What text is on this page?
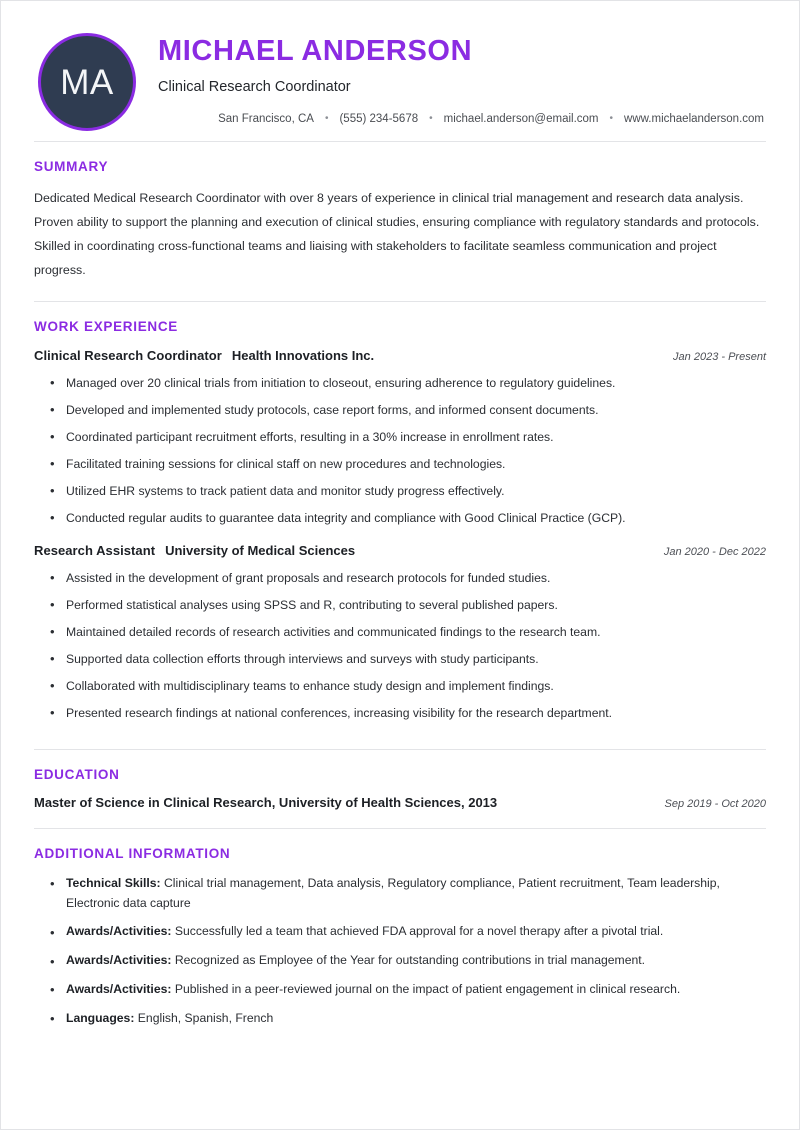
MA
MICHAEL ANDERSON
Clinical Research Coordinator
San Francisco, CA	• (555) 234-5678	• michael.anderson@email.com	• www.michaelanderson.com
SUMMARY
Dedicated Medical Research Coordinator with over 8 years of experience in clinical trial management and research data analysis. Proven ability to support the planning and execution of clinical studies, ensuring compliance with regulatory standards and protocols. Skilled in coordinating cross-functional teams and liaising with stakeholders to facilitate seamless communication and project progress.
WORK EXPERIENCE
Clinical Research Coordinator Health Innovations Inc.	Jan 2023 - Present
• Managed over 20 clinical trials from initiation to closeout, ensuring adherence to regulatory guidelines.
• Developed and implemented study protocols, case report forms, and informed consent documents.
• Coordinated participant recruitment efforts, resulting in a 30% increase in enrollment rates.
• Facilitated training sessions for clinical staff on new procedures and technologies.
• Utilized EHR systems to track patient data and monitor study progress effectively.
• Conducted regular audits to guarantee data integrity and compliance with Good Clinical Practice (GCP).
Research Assistant University of Medical Sciences	Jan 2020 - Dec 2022
• Assisted in the development of grant proposals and research protocols for funded studies.
• Performed statistical analyses using SPSS and R, contributing to several published papers.
• Maintained detailed records of research activities and communicated findings to the research team.
• Supported data collection efforts through interviews and surveys with study participants.
• Collaborated with multidisciplinary teams to enhance study design and implement findings.
• Presented research findings at national conferences, increasing visibility for the research department.
EDUCATION
Master of Science in Clinical Research, University of Health Sciences, 2013	Sep 2019 - Oct 2020
ADDITIONAL INFORMATION
• Technical Skills: Clinical trial management, Data analysis, Regulatory compliance, Patient recruitment, Team leadership, Electronic data capture
• Awards/Activities: Successfully led a team that achieved FDA approval for a novel therapy after a pivotal trial.
• Awards/Activities: Recognized as Employee of the Year for outstanding contributions in trial management.
• Awards/Activities: Published in a peer-reviewed journal on the impact of patient engagement in clinical research.
• Languages: English, Spanish, French
